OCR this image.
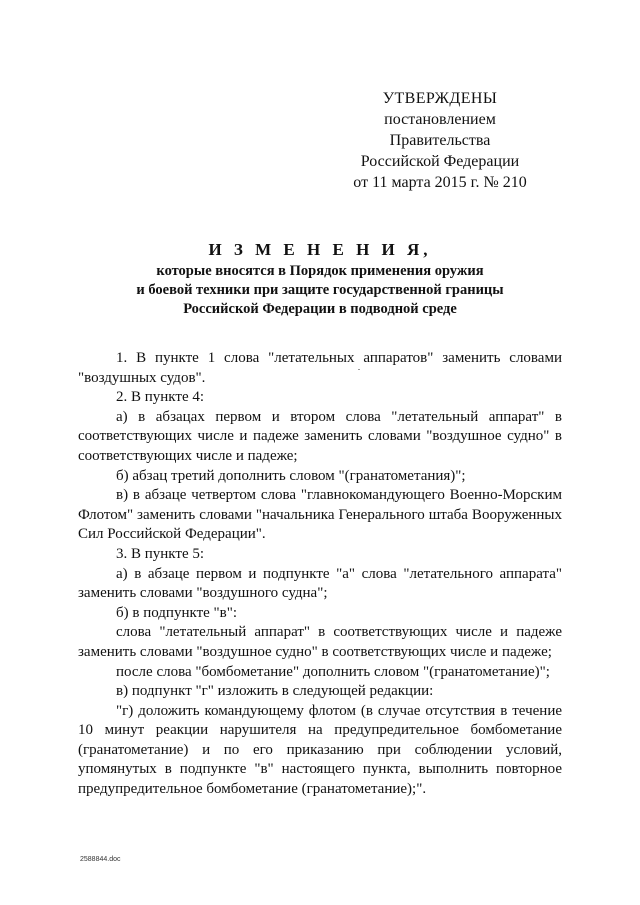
УТВЕРЖДЕНЫ
постановлением Правительства
Российской Федерации
от 11 марта 2015 г. № 210
И З М Е Н Е Н И Я,
которые вносятся в Порядок применения оружия
и боевой техники при защите государственной границы
Российской Федерации в подводной среде

1. В пункте 1 слова "летательных аппаратов" заменить словами "воздушных судов".

2. В пункте 4:

а) в абзацах первом и втором слова "летательный аппарат" в соответствующих числе и падеже заменить словами "воздушное судно" в соответствующих числе и падеже;

б) абзац третий дополнить словом "(гранатометания)";

в) в абзаце четвертом слова "главнокомандующего Военно-Морским Флотом" заменить словами "начальника Генерального штаба Вооруженных Сил Российской Федерации".

3. В пункте 5:

а) в абзаце первом и подпункте "а" слова "летательного аппарата" заменить словами "воздушного судна";

б) в подпункте "в":

слова "летательный аппарат" в соответствующих числе и падеже заменить словами "воздушное судно" в соответствующих числе и падеже;

после слова "бомбометание" дополнить словом "(гранатометание)";

в) подпункт "г" изложить в следующей редакции:

"г) доложить командующему флотом (в случае отсутствия в течение 10 минут реакции нарушителя на предупредительное бомбометание (гранатометание) и по его приказанию при соблюдении условий, упомянутых в подпункте "в" настоящего пункта, выполнить повторное предупредительное бомбометание (гранатометание);".

2588844.doc
